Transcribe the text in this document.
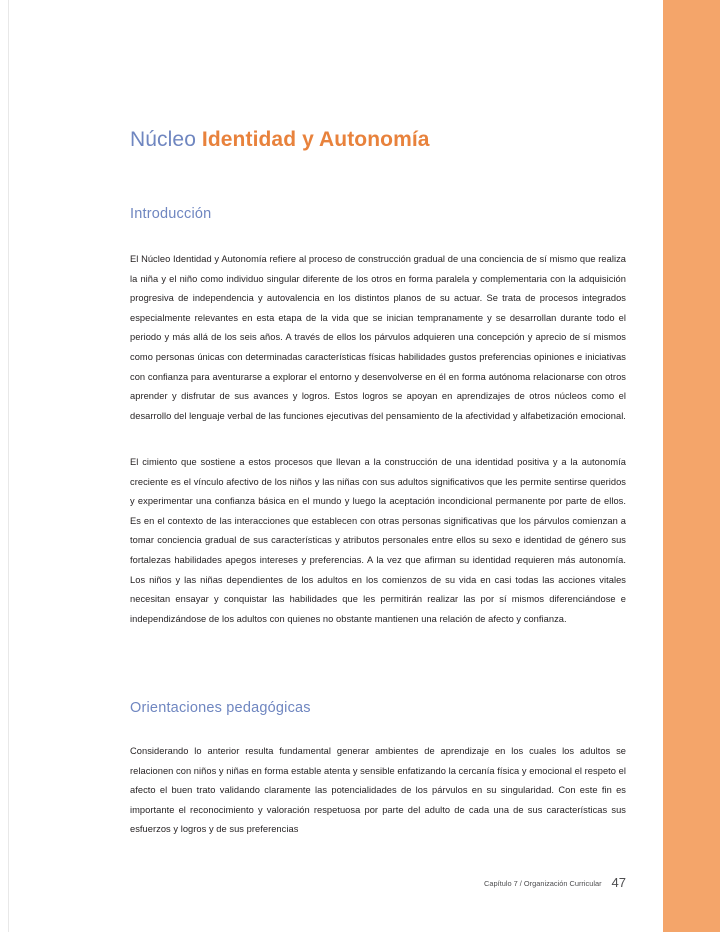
Núcleo Identidad y Autonomía
Introducción

El Núcleo Identidad y Autonomía refiere al proceso de construcción gradual de una conciencia de sí mismo que realiza la niña y el niño como individuo singular diferente de los otros en forma paralela y complementaria con la adquisición progresiva de independencia y autovalencia en los distintos planos de su actuar. Se trata de procesos integrados especialmente relevantes en esta etapa de la vida que se inician tempranamente y se desarrollan durante todo el periodo y más allá de los seis años. A través de ellos los párvulos adquieren una concepción y aprecio de sí mismos como personas únicas con determinadas características físicas habilidades gustos preferencias opiniones e iniciativas con confianza para aventurarse a explorar el entorno y desenvolverse en él en forma autónoma relacionarse con otros aprender y disfrutar de sus avances y logros. Estos logros se apoyan en aprendizajes de otros núcleos como el desarrollo del lenguaje verbal de las funciones ejecutivas del pensamiento de la afectividad y alfabetización emocional.

El cimiento que sostiene a estos procesos que llevan a la construcción de una identidad positiva y a la autonomía creciente es el vínculo afectivo de los niños y las niñas con sus adultos significativos que les permite sentirse queridos y experimentar una confianza básica en el mundo y luego la aceptación incondicional permanente por parte de ellos. Es en el contexto de las interacciones que establecen con otras personas significativas que los párvulos comienzan a tomar conciencia gradual de sus características y atributos personales entre ellos su sexo e identidad de género sus fortalezas habilidades apegos intereses y preferencias. A la vez que afirman su identidad requieren más autonomía. Los niños y las niñas dependientes de los adultos en los comienzos de su vida en casi todas las acciones vitales necesitan ensayar y conquistar las habilidades que les permitirán realizar las por sí mismos diferenciándose e independizándose de los adultos con quienes no obstante mantienen una relación de afecto y confianza.

Orientaciones pedagógicas

Considerando lo anterior resulta fundamental generar ambientes de aprendizaje en los cuales los adultos se relacionen con niños y niñas en forma estable atenta y sensible enfatizando la cercanía física y emocional el respeto el afecto el buen trato validando claramente las potencialidades de los párvulos en su singularidad. Con este fin es importante el reconocimiento y valoración respetuosa por parte del adulto de cada una de sus características sus esfuerzos y logros y de sus preferencias

Capítulo 7 / Organización Curricular 47
